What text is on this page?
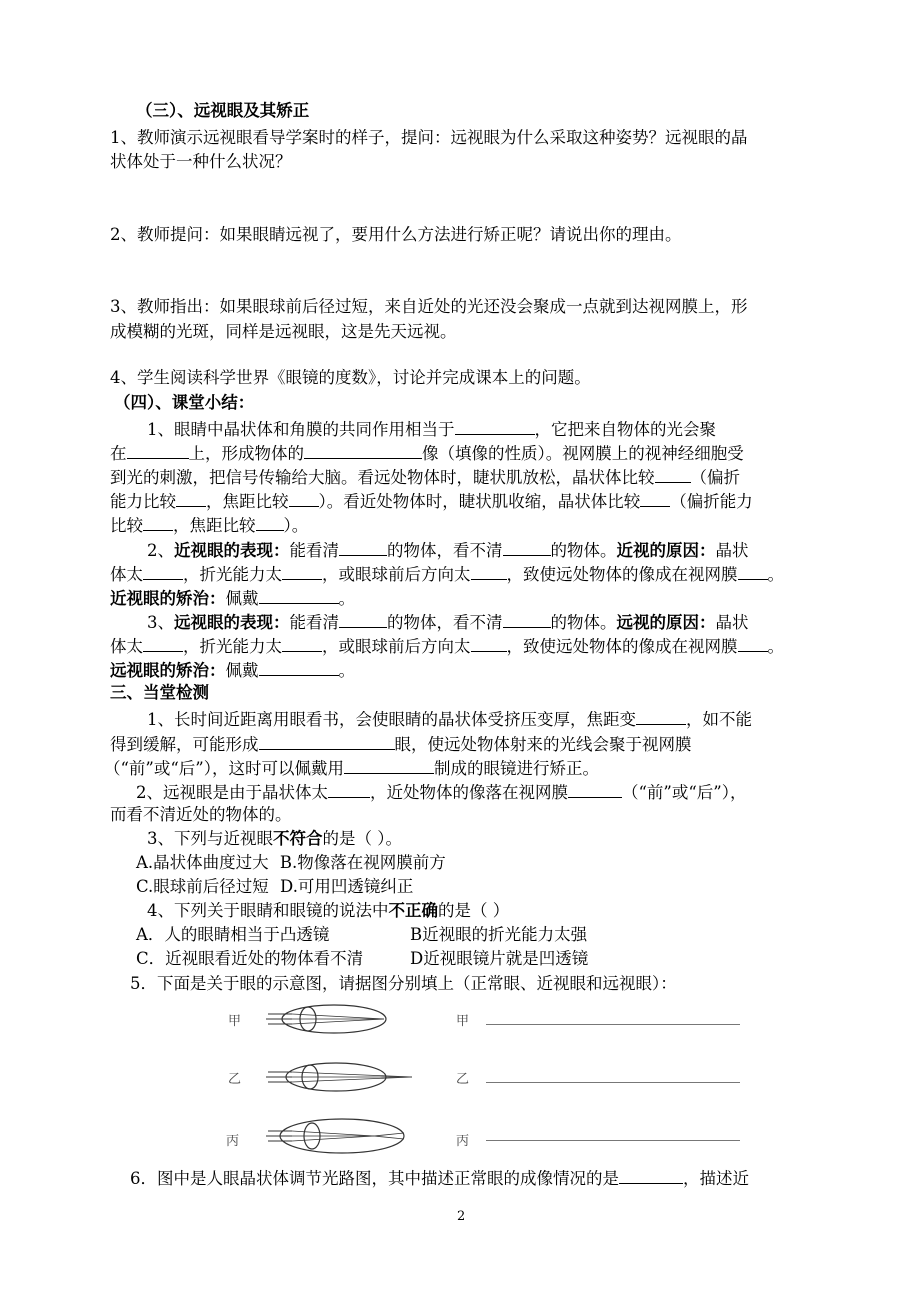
（三）、远视眼及其矫正
1、教师演示远视眼看导学案时的样子，提问：远视眼为什么采取这种姿势？远视眼的晶
状体处于一种什么状况？
2、教师提问：如果眼睛远视了，要用什么方法进行矫正呢？请说出你的理由。
3、教师指出：如果眼球前后径过短，来自近处的光还没会聚成一点就到达视网膜上，形
成模糊的光斑，同样是远视眼，这是先天远视。
4、学生阅读科学世界《眼镜的度数》，讨论并完成课本上的问题。
（四）、课堂小结：
1、眼睛中晶状体和角膜的共同作用相当于	，它把来自物体的光会聚
在	上，形成物体的	像（填像的性质）。视网膜上的视神经细胞受
到光的刺激，把信号传输给大脑。看远处物体时，睫状肌放松，晶状体比较 （偏折
能力比较 ，焦距比较 ）。看近处物体时，睫状肌收缩，晶状体比较 （偏折能力
比较 ，焦距比较 ）。
2、近视眼的表现：能看清	的物体，看不清	的物体。近视的原因：晶状
体太 ，折光能力太 ，或眼球前后方向太 ，致使远处物体的像成在视网膜 。
近视眼的矫治：佩戴	。
3、远视眼的表现：能看清	的物体，看不清	的物体。远视的原因：晶状
体太 ，折光能力太 ，或眼球前后方向太 ，致使远处物体的像成在视网膜 。
远视眼的矫治：佩戴	。
三、当堂检测
1、长时间近距离用眼看书，会使眼睛的晶状体受挤压变厚，焦距变	，如不能
得到缓解，可能形成	眼，使远处物体射来的光线会聚于视网膜
（“前”或“后”），这时可以佩戴用	制成的眼镜进行矫正。
2、远视眼是由于晶状体太	，近处物体的像落在视网膜	（“前”或“后”），
而看不清近处的物体的。
3、下列与近视眼不符合的是（ ）。
A.晶状体曲度过大 B.物像落在视网膜前方
C.眼球前后径过短 D.可用凹透镜纠正
4、下列关于眼睛和眼镜的说法中不正确的是（ ）
A．人的眼睛相当于凸透镜	B近视眼的折光能力太强
C．近视眼看近处的物体看不清	D近视眼镜片就是凹透镜
5．下面是关于眼的示意图，请据图分别填上（正常眼、近视眼和远视眼）：
甲	甲
乙	乙
丙	丙
6．图中是人眼晶状体调节光路图，其中描述正常眼的成像情况的是	，描述近
2
